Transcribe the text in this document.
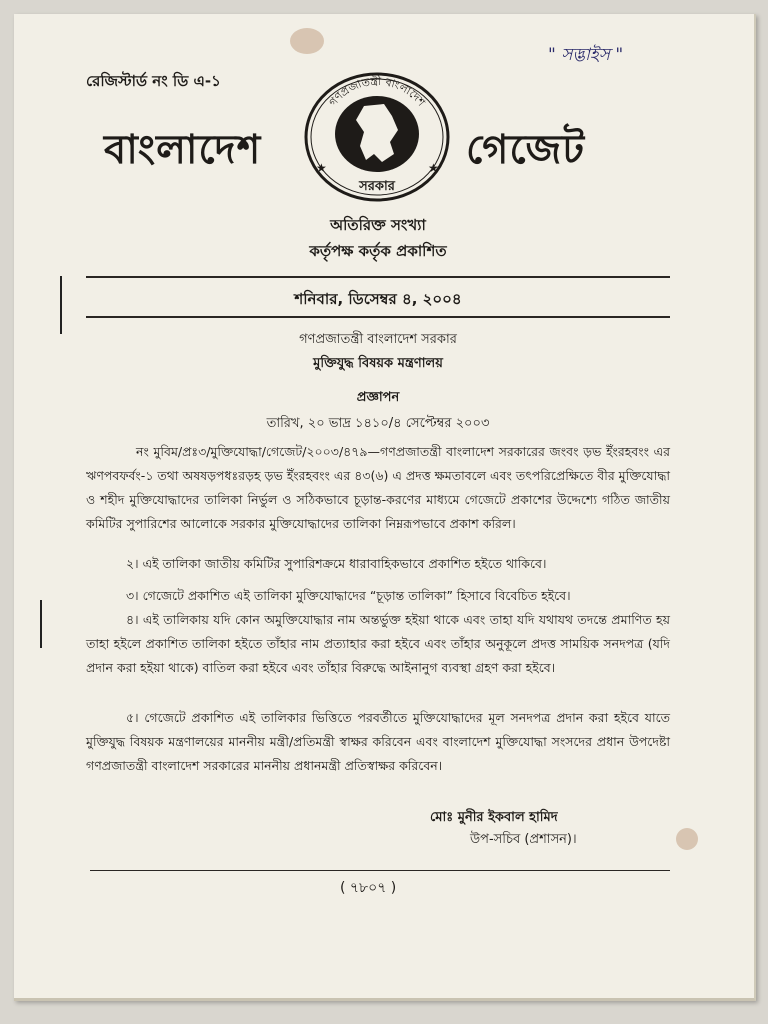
রেজিস্টার্ড নং ডি এ-১
" সদ্ভাইস "
বাংলাদেশ	গেজেট
গণপ্রজাতন্ত্রী বাংলাদেশ
সরকার
★	★
অতিরিক্ত সংখ্যা
কর্তৃপক্ষ কর্তৃক প্রকাশিত
শনিবার, ডিসেম্বর ৪, ২০০৪
গণপ্রজাতন্ত্রী বাংলাদেশ সরকার
মুক্তিযুদ্ধ বিষয়ক মন্ত্রণালয়
প্রজ্ঞাপন
তারিখ, ২০ ভাদ্র ১৪১০/৪ সেপ্টেম্বর ২০০৩
নং মুবিম/প্রঃ৩/মুক্তিযোদ্ধা/গেজেট/২০০৩/৪৭৯—গণপ্রজাতন্ত্রী বাংলাদেশ সরকারের জংবং ড়ভ ইঁংরহবংং এর ঋণপবফর্বং-১ তথা অষষড়পধঃরড়হ ড়ভ ইঁংরহবংং এর ৪৩(৬) এ প্রদত্ত ক্ষমতাবলে এবং তৎপরিপ্রেক্ষিতে বীর মুক্তিযোদ্ধা ও শহীদ মুক্তিযোদ্ধাদের তালিকা নির্ভুল ও সঠিকভাবে চূড়ান্ত-করণের মাধ্যমে গেজেটে প্রকাশের উদ্দেশ্যে গঠিত জাতীয় কমিটির সুপারিশের আলোকে সরকার মুক্তিযোদ্ধাদের তালিকা নিম্নরূপভাবে প্রকাশ করিল।
২। এই তালিকা জাতীয় কমিটির সুপারিশক্রমে ধারাবাহিকভাবে প্রকাশিত হইতে থাকিবে।
৩। গেজেটে প্রকাশিত এই তালিকা মুক্তিযোদ্ধাদের “চূড়ান্ত তালিকা” হিসাবে বিবেচিত হইবে।
৪। এই তালিকায় যদি কোন অমুক্তিযোদ্ধার নাম অন্তর্ভুক্ত হইয়া থাকে এবং তাহা যদি যথাযথ তদন্তে প্রমাণিত হয় তাহা হইলে প্রকাশিত তালিকা হইতে তাঁহার নাম প্রত্যাহার করা হইবে এবং তাঁহার অনুকূলে প্রদত্ত সাময়িক সনদপত্র (যদি প্রদান করা হইয়া থাকে) বাতিল করা হইবে এবং তাঁহার বিরুদ্ধে আইনানুগ ব্যবস্থা গ্রহণ করা হইবে।
৫। গেজেটে প্রকাশিত এই তালিকার ভিত্তিতে পরবর্তীতে মুক্তিযোদ্ধাদের মূল সনদপত্র প্রদান করা হইবে যাতে মুক্তিযুদ্ধ বিষয়ক মন্ত্রণালয়ের মাননীয় মন্ত্রী/প্রতিমন্ত্রী স্বাক্ষর করিবেন এবং বাংলাদেশ মুক্তিযোদ্ধা সংসদের প্রধান উপদেষ্টা গণপ্রজাতন্ত্রী বাংলাদেশ সরকারের মাননীয় প্রধানমন্ত্রী প্রতিস্বাক্ষর করিবেন।
মোঃ মুনীর ইকবাল হামিদ
উপ-সচিব (প্রশাসন)।
( ৭৮০৭ )
